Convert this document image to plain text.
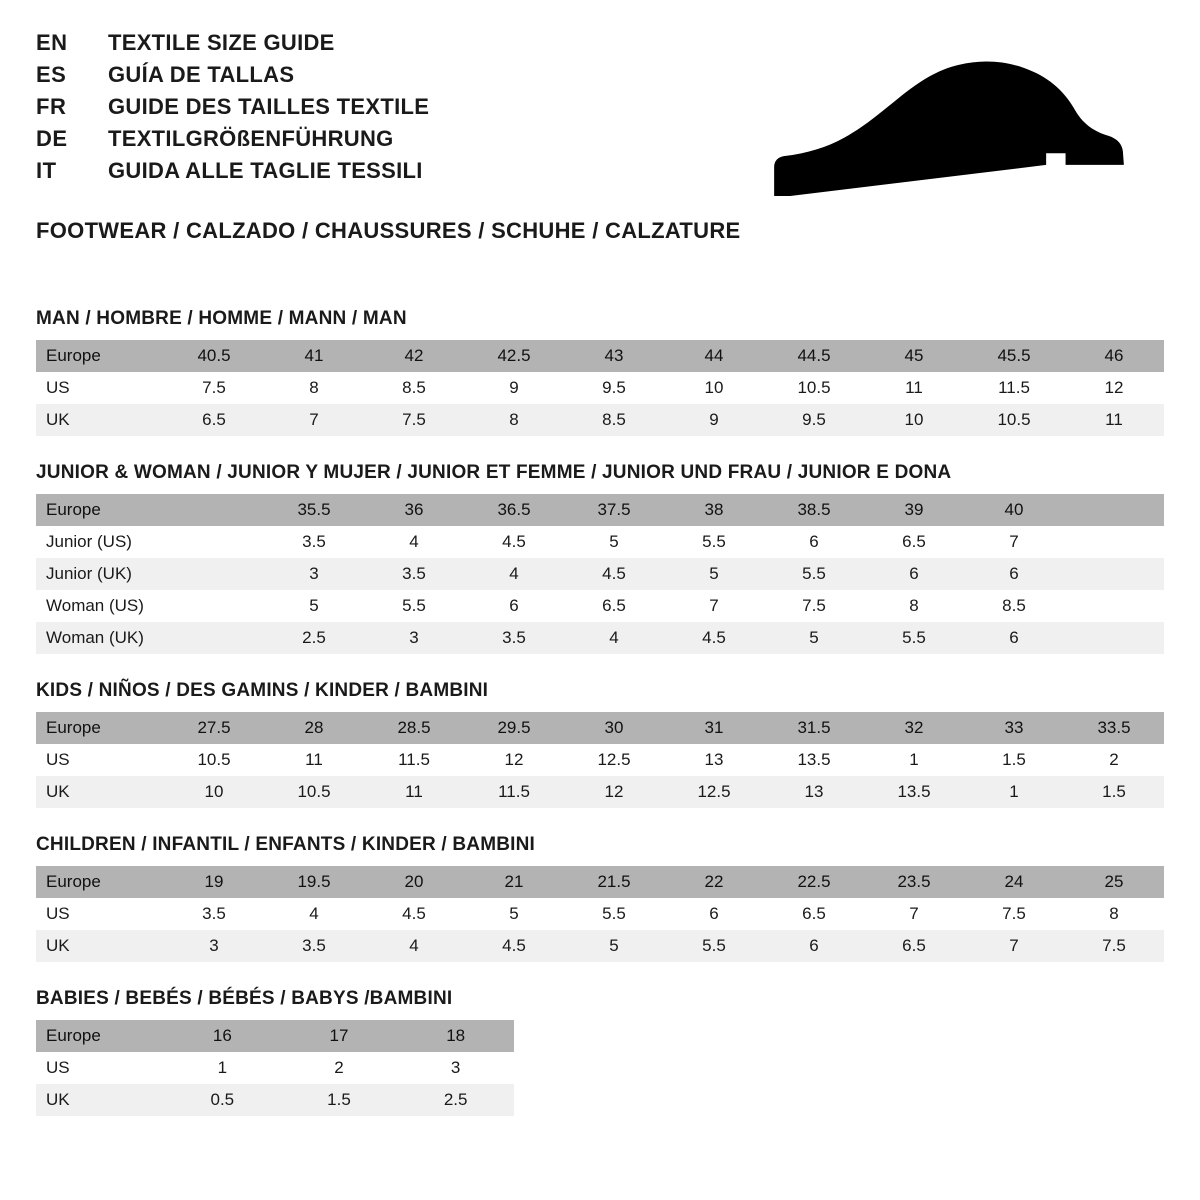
EN	TEXTILE SIZE GUIDE
ES	GUÍA DE TALLAS
FR	GUIDE DES TAILLES TEXTILE
DE	TEXTILGRÖßENFÜHRUNG
IT	GUIDA ALLE TAGLIE TESSILI
FOOTWEAR / CALZADO / CHAUSSURES / SCHUHE / CALZATURE
MAN / HOMBRE / HOMME / MANN / MAN
Europe	40.5	41	42	42.5	43	44	44.5	45	45.5	46
US	7.5	8	8.5	9	9.5	10	10.5	11	11.5	12
UK	6.5	7	7.5	8	8.5	9	9.5	10	10.5	11
JUNIOR & WOMAN / JUNIOR Y MUJER / JUNIOR ET FEMME / JUNIOR UND FRAU / JUNIOR E DONA
Europe		35.5	36	36.5	37.5	38	38.5	39	40	
Junior (US)		3.5	4	4.5	5	5.5	6	6.5	7	
Junior (UK)		3	3.5	4	4.5	5	5.5	6	6	
Woman (US)		5	5.5	6	6.5	7	7.5	8	8.5	
Woman (UK)		2.5	3	3.5	4	4.5	5	5.5	6	
KIDS / NIÑOS / DES GAMINS / KINDER / BAMBINI
Europe	27.5	28	28.5	29.5	30	31	31.5	32	33	33.5
US	10.5	11	11.5	12	12.5	13	13.5	1	1.5	2
UK	10	10.5	11	11.5	12	12.5	13	13.5	1	1.5
CHILDREN / INFANTIL / ENFANTS / KINDER / BAMBINI
Europe	19	19.5	20	21	21.5	22	22.5	23.5	24	25
US	3.5	4	4.5	5	5.5	6	6.5	7	7.5	8
UK	3	3.5	4	4.5	5	5.5	6	6.5	7	7.5
BABIES / BEBÉS / BÉBÉS / BABYS /BAMBINI
Europe	16	17	18
US	1	2	3
UK	0.5	1.5	2.5
